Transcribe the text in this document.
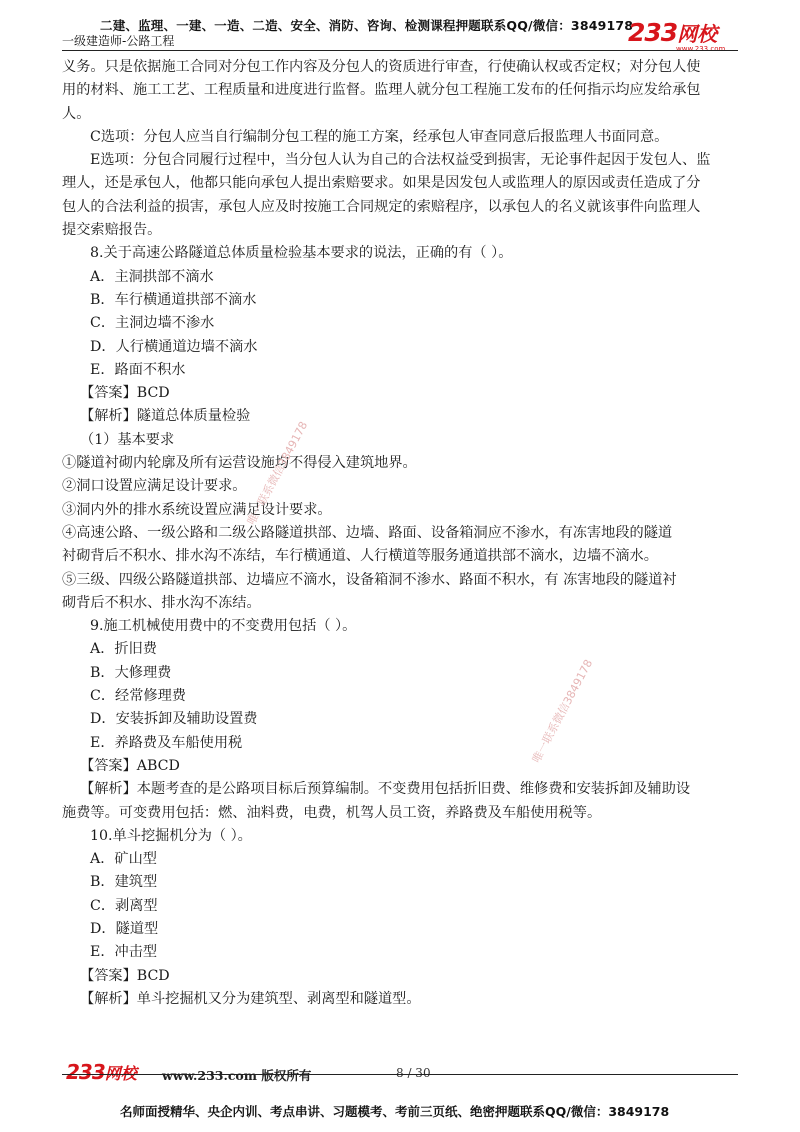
二建、监理、一建、一造、二造、安全、消防、咨询、检测课程押题联系QQ/微信：3849178
一级建造师-公路工程	233网校
www.233.com

义务。只是依据施工合同对分包工作内容及分包人的资质进行审查，行使确认权或否定权；对分包人使

用的材料、施工工艺、工程质量和进度进行监督。监理人就分包工程施工发布的任何指示均应发给承包

人。

C选项：分包人应当自行编制分包工程的施工方案，经承包人审查同意后报监理人书面同意。

E选项：分包合同履行过程中，当分包人认为自己的合法权益受到损害，无论事件起因于发包人、监

理人，还是承包人，他都只能向承包人提出索赔要求。如果是因发包人或监理人的原因或责任造成了分

包人的合法利益的损害，承包人应及时按施工合同规定的索赔程序，以承包人的名义就该事件向监理人

提交索赔报告。

8.关于高速公路隧道总体质量检验基本要求的说法，正确的有（ ）。

A．主洞拱部不滴水

B．车行横通道拱部不滴水

C．主洞边墙不渗水

D．人行横通道边墙不滴水

E．路面不积水

【答案】BCD

【解析】隧道总体质量检验

（1）基本要求

①隧道衬砌内轮廓及所有运营设施均不得侵入建筑地界。

②洞口设置应满足设计要求。

③洞内外的排水系统设置应满足设计要求。

④高速公路、一级公路和二级公路隧道拱部、边墙、路面、设备箱洞应不渗水，有冻害地段的隧道

衬砌背后不积水、排水沟不冻结，车行横通道、人行横道等服务通道拱部不滴水，边墙不滴水。

⑤三级、四级公路隧道拱部、边墙应不滴水，设备箱洞不渗水、路面不积水，有 冻害地段的隧道衬

砌背后不积水、排水沟不冻结。

9.施工机械使用费中的不变费用包括（ ）。

A．折旧费

B．大修理费

C．经常修理费

D．安装拆卸及辅助设置费

E．养路费及车船使用税

【答案】ABCD

【解析】本题考查的是公路项目标后预算编制。不变费用包括折旧费、维修费和安装拆卸及辅助设

施费等。可变费用包括：燃、油料费，电费，机驾人员工资，养路费及车船使用税等。

10.单斗挖掘机分为（ ）。

A．矿山型

B．建筑型

C．剥离型

D．隧道型

E．冲击型

【答案】BCD

【解析】单斗挖掘机又分为建筑型、剥离型和隧道型。

唯一联系微信3849178
唯一联系微信3849178
233网校 www.233.com 版权所有	8 / 30
名师面授精华、央企内训、考点串讲、习题模考、考前三页纸、绝密押题联系QQ/微信：3849178
